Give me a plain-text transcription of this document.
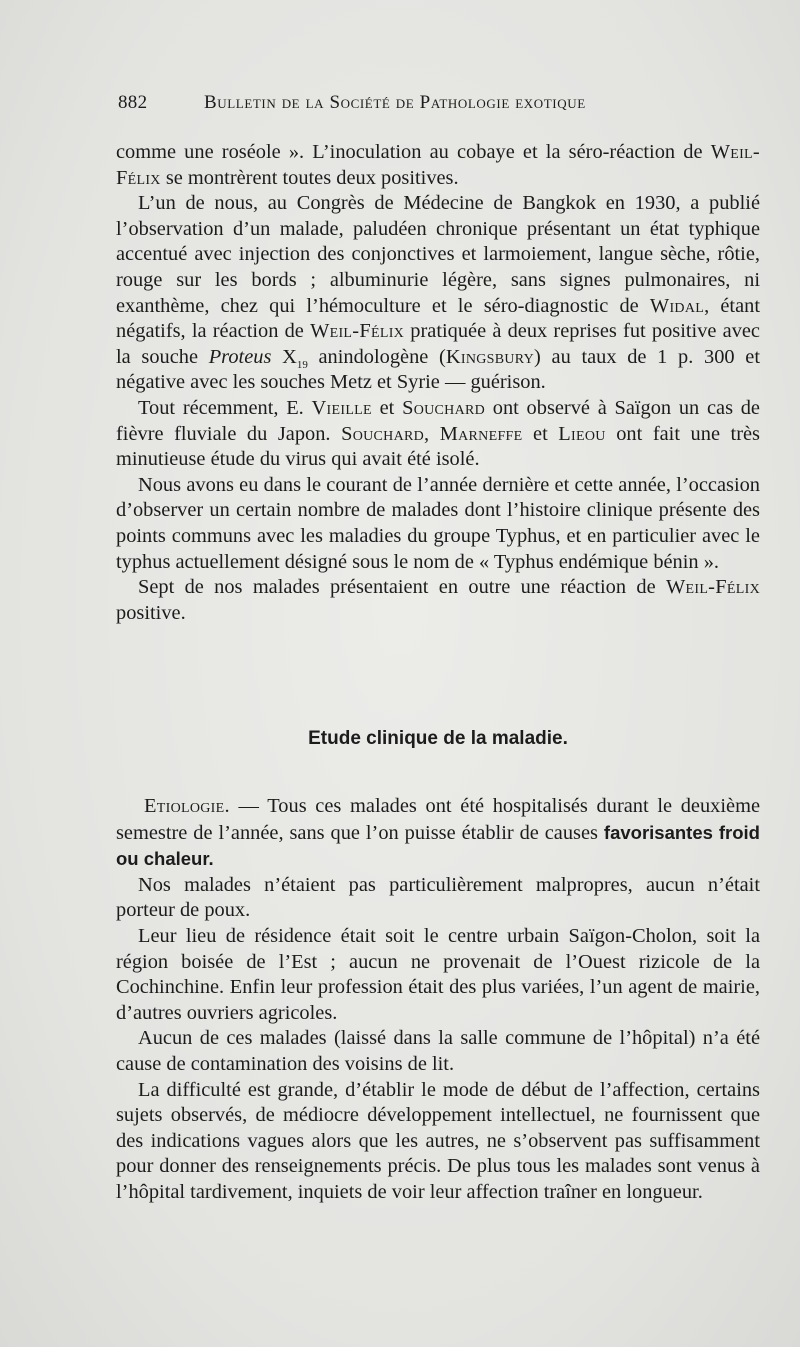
882	Bulletin de la Société de Pathologie exotique

comme une roséole ». L’inoculation au cobaye et la séro-réaction de Weil-Félix se montrèrent toutes deux positives.

L’un de nous, au Congrès de Médecine de Bangkok en 1930, a publié l’observation d’un malade, paludéen chronique présentant un état typhique accentué avec injection des conjonctives et larmoiement, langue sèche, rôtie, rouge sur les bords ; albuminurie légère, sans signes pulmonaires, ni exanthème, chez qui l’hémoculture et le séro-diagnostic de Widal, étant négatifs, la réaction de Weil-Félix pratiquée à deux reprises fut positive avec la souche Proteus $X_{19}$ anindologène (Kingsbury) au taux de 1 p. 300 et négative avec les souches Metz et Syrie — guérison.

Tout récemment, E. Vieille et Souchard ont observé à Saïgon un cas de fièvre fluviale du Japon. Souchard, Marneffe et Lieou ont fait une très minutieuse étude du virus qui avait été isolé.

Nous avons eu dans le courant de l’année dernière et cette année, l’occasion d’observer un certain nombre de malades dont l’histoire clinique présente des points communs avec les maladies du groupe Typhus, et en particulier avec le typhus actuellement désigné sous le nom de « Typhus endémique bénin ».

Sept de nos malades présentaient en outre une réaction de Weil-Félix positive.

Etude clinique de la maladie.

Etiologie. — Tous ces malades ont été hospitalisés durant le deuxième semestre de l’année, sans que l’on puisse établir de causes favorisantes froid ou chaleur.

Nos malades n’étaient pas particulièrement malpropres, aucun n’était porteur de poux.

Leur lieu de résidence était soit le centre urbain Saïgon-Cholon, soit la région boisée de l’Est ; aucun ne provenait de l’Ouest rizicole de la Cochinchine. Enfin leur profession était des plus variées, l’un agent de mairie, d’autres ouvriers agricoles.

Aucun de ces malades (laissé dans la salle commune de l’hôpital) n’a été cause de contamination des voisins de lit.

La difficulté est grande, d’établir le mode de début de l’affection, certains sujets observés, de médiocre développement intellectuel, ne fournissent que des indications vagues alors que les autres, ne s’observent pas suffisamment pour donner des renseignements précis. De plus tous les malades sont venus à l’hôpital tardivement, inquiets de voir leur affection traîner en longueur.
